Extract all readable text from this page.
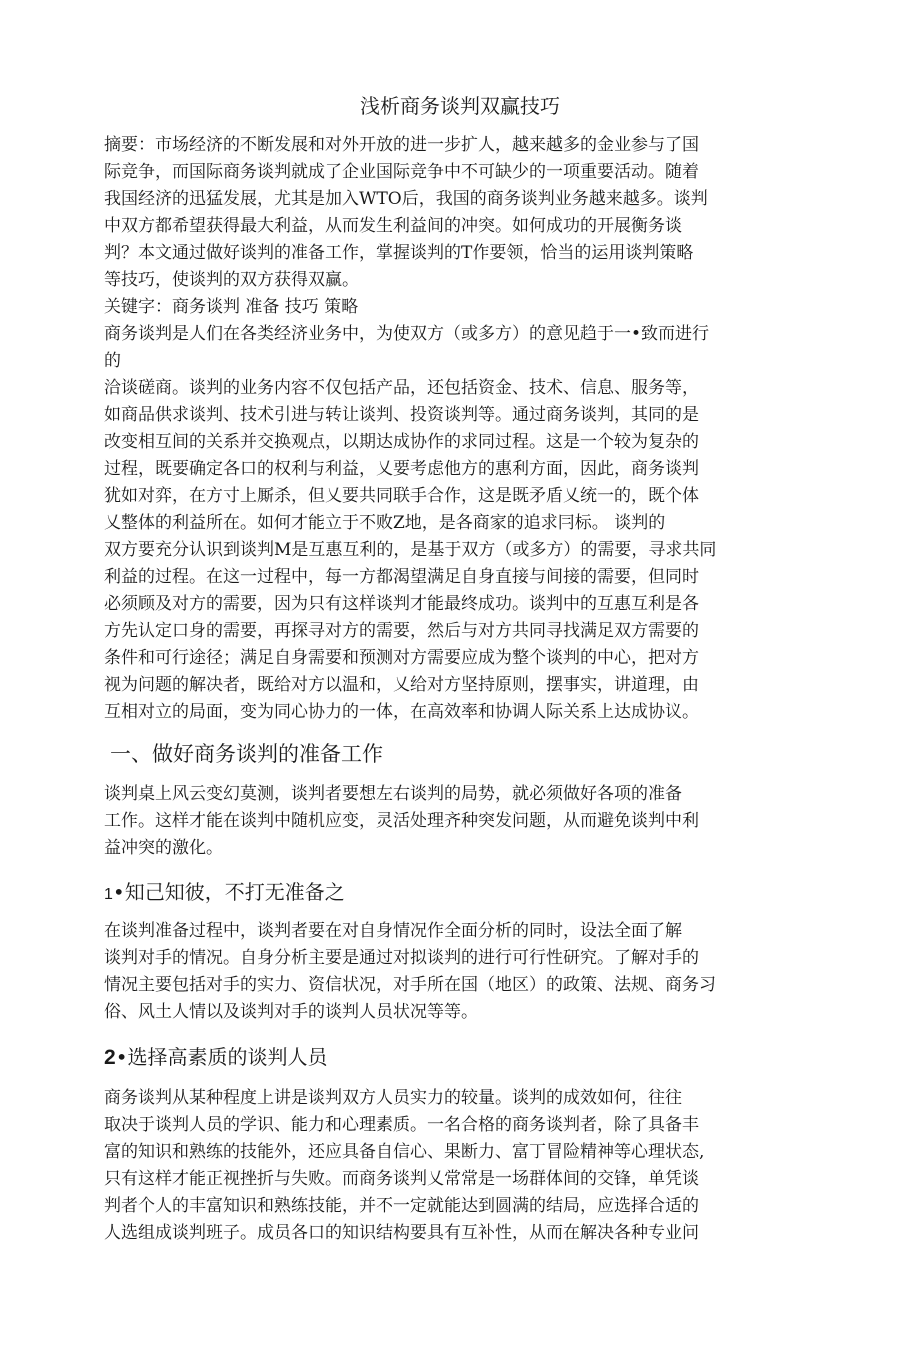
浅析商务谈判双赢技巧
摘要：市场经济的不断发展和对外开放的进一步扩人，越来越多的金业参与了国
际竞争，而国际商务谈判就成了企业国际竞争中不可缺少的一项重要活动。随着
我国经济的迅猛发展，尤其是加入WTO后，我国的商务谈判业务越来越多。谈判
中双方都希望获得最大利益，从而发生利益间的冲突。如何成功的开展衡务谈
判？本文通过做好谈判的准备工作，掌握谈判的T作要领，恰当的运用谈判策略
等技巧，使谈判的双方获得双赢。
关键字：商务谈判 准备 技巧 策略
商务谈判是人们在各类经济业务中，为使双方（或多方）的意见趋于一•致而进行
的
洽谈磋商。谈判的业务内容不仅包括产品，还包括资金、技术、信息、服务等，
如商品供求谈判、技术引进与转让谈判、投资谈判等。通过商务谈判，其同的是
改变相互间的关系并交换观点，以期达成协作的求同过程。这是一个较为复杂的
过程，既要确定各口的权利与利益，乂要考虑他方的惠利方面，因此，商务谈判
犹如对弈，在方寸上厮杀，但乂要共同联手合作，这是既矛盾乂统一的，既个体
乂整体的利益所在。如何才能立于不败Z地，是各商家的追求冃标。 谈判的
双方要充分认识到谈判M是互惠互利的，是基于双方（或多方）的需要，寻求共同
利益的过程。在这一过程中，每一方都渴望满足自身直接与间接的需要，但同时
必须顾及对方的需要，因为只有这样谈判才能最终成功。谈判中的互惠互利是各
方先认定口身的需要，再探寻对方的需要，然后与对方共同寻找满足双方需要的
条件和可行途径；满足自身需要和预测对方需要应成为整个谈判的中心，把对方
视为问题的解决者，既给对方以温和，乂给对方坚持原则，摆事实，讲道理，由
互相对立的局面，变为同心协力的一体，在高效率和协调人际关系上达成协议。
一、做好商务谈判的准备工作
谈判桌上风云变幻莫测，谈判者要想左右谈判的局势，就必须做好各项的准备
工作。这样才能在谈判中随机应变，灵活处理齐种突发问题，从而避免谈判中利
益冲突的激化。
1•知己知彼，不打无准备之
在谈判准备过程中，谈判者要在对自身情况作全面分析的同时，设法全面了解
谈判对手的情况。自身分析主要是通过对拟谈判的进行可行性研究。了解对手的
情况主要包括对手的实力、资信状况，对手所在国（地区）的政策、法规、商务习
俗、风土人情以及谈判对手的谈判人员状况等等。
2•选择高素质的谈判人员
商务谈判从某种程度上讲是谈判双方人员实力的较量。谈判的成效如何，往往
取决于谈判人员的学识、能力和心理素质。一名合格的商务谈判者，除了具备丰
富的知识和熟练的技能外，还应具备自信心、果断力、富丁冒险精神等心理状态,
只有这样才能正视挫折与失败。而商务谈判乂常常是一场群体间的交锋，单凭谈
判者个人的丰富知识和熟练技能，并不一定就能达到圆满的结局，应选择合适的
人选组成谈判班子。成员各口的知识结构要具有互补性，从而在解决各种专业问
